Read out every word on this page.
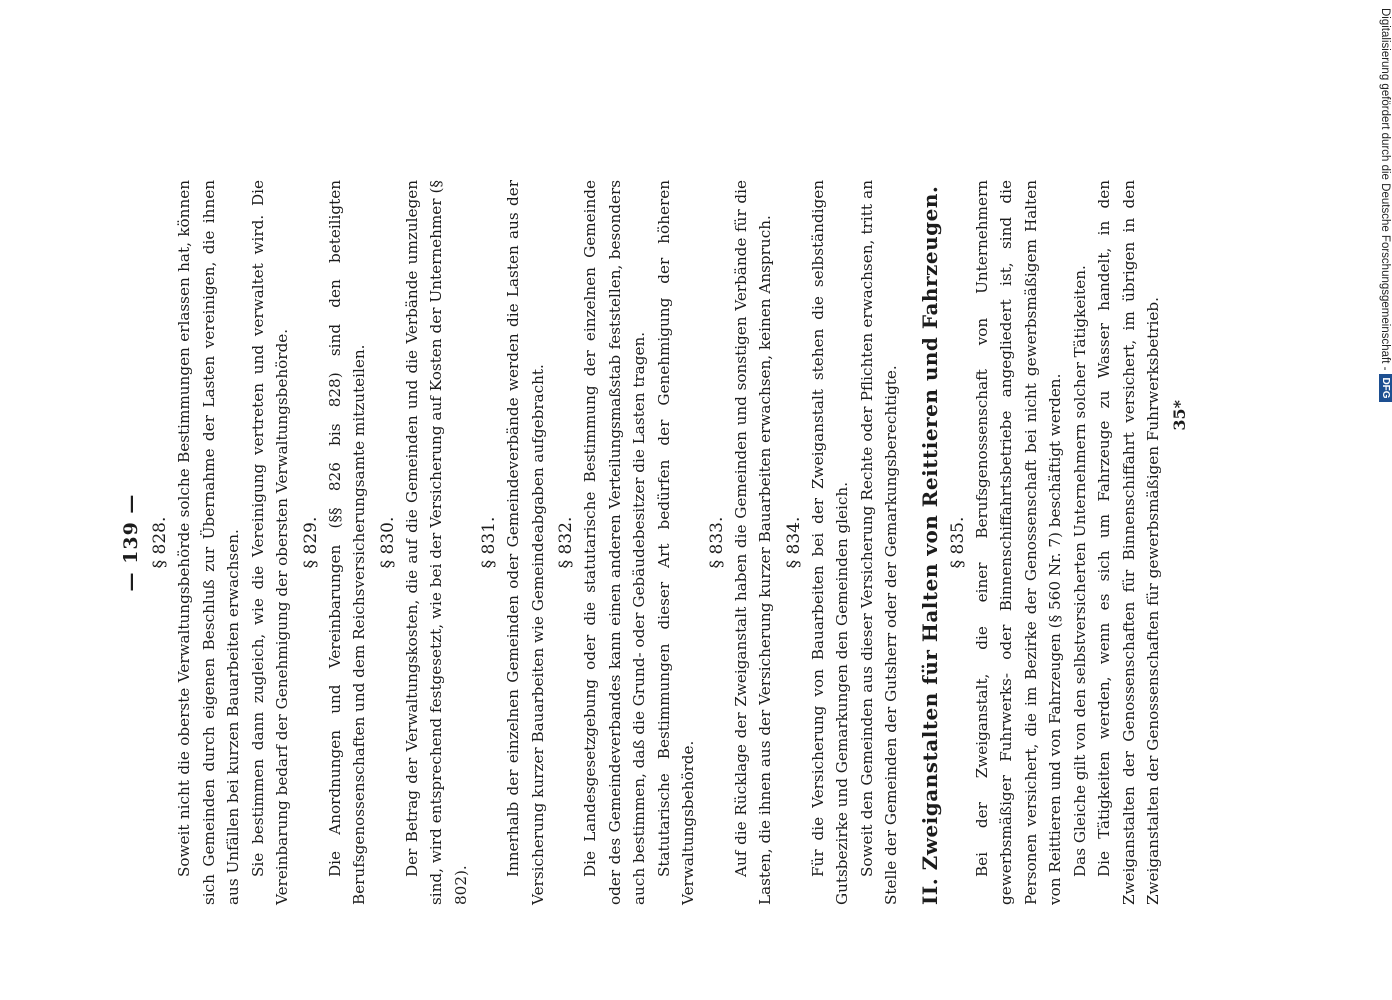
— 139 — § 828. Soweit nicht die oberste Verwaltungsbehörde solche Bestimmungen erlassen hat, können sich Gemeinden durch eigenen Beschluß zur Übernahme der Lasten vereinigen, die ihnen aus Unfällen bei kurzen Bauarbeiten erwachsen. Sie bestimmen dann zugleich, wie die Vereinigung vertreten und verwaltet wird. Die Vereinbarung bedarf der Genehmigung der obersten Verwaltungsbehörde. § 829. Die Anordnungen und Vereinbarungen (§§ 826 bis 828) sind den beteiligten Berufsgenossenschaften und dem Reichsversicherungsamte mitzuteilen. § 830. Der Betrag der Verwaltungskosten, die auf die Gemeinden und die Verbände umzulegen sind, wird entsprechend festgesetzt, wie bei der Versicherung auf Kosten der Unternehmer (§ 802).

§ 831. Innerhalb der einzelnen Gemeinden oder Gemeindeverbände werden die Lasten aus der Versicherung kurzer Bauarbeiten wie Gemeindeabgaben aufgebracht. § 832. Die Landesgesetzgebung oder die statutarische Bestimmung der einzelnen Gemeinde oder des Gemeindeverbandes kann einen anderen Verteilungsmaßstab feststellen, besonders auch bestimmen, daß die Grund- oder Gebäudebesitzer die Lasten tragen. Statutarische Bestimmungen dieser Art bedürfen der Genehmigung der höheren Verwaltungsbehörde.

§ 833. Auf die Rücklage der Zweiganstalt haben die Gemeinden und sonstigen Verbände für die Lasten, die ihnen aus der Versicherung kurzer Bauarbeiten erwachsen, keinen Anspruch. § 834. Für die Versicherung von Bauarbeiten bei der Zweiganstalt stehen die selbständigen Gutsbezirke und Gemarkungen den Gemeinden gleich. Soweit den Gemeinden aus dieser Versicherung Rechte oder Pflichten erwachsen, tritt an Stelle der Gemeinden der Gutsherr oder der Gemarkungsberechtigte. II. Zweiganstalten für Halten von Reittieren und Fahrzeugen. § 835. Bei der Zweiganstalt, die einer Berufsgenossenschaft von Unternehmern gewerbsmäßiger Fuhrwerks- oder Binnenschiffahrtsbetriebe angegliedert ist, sind die Personen versichert, die im Bezirke der Genossenschaft bei nicht gewerbsmäßigem Halten von Reittieren und von Fahrzeugen (§ 560 Nr. 7) beschäftigt werden. Das Gleiche gilt von den selbstversicherten Unternehmern solcher Tätigkeiten. Die Tätigkeiten werden, wenn es sich um Fahrzeuge zu Wasser handelt, in den Zweiganstalten der Genossenschaften für Binnenschiffahrt versichert, im übrigen in den Zweiganstalten der Genossenschaften für gewerbsmäßigen Fuhrwerksbetrieb. 35*
Digitalisierung gefördert durch die Deutsche Forschungsgemeinschaft -
DFG
